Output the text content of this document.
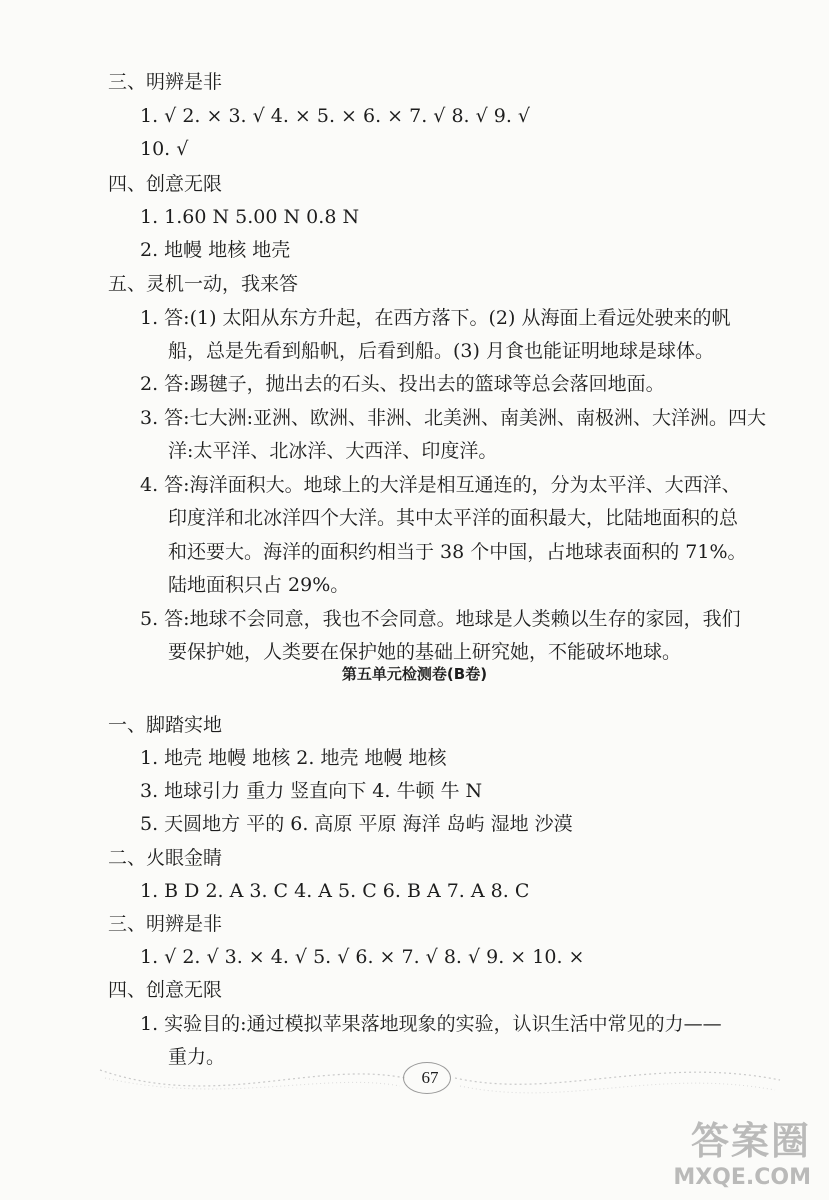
三、明辨是非
1. √ 2. × 3. √ 4. × 5. × 6. × 7. √ 8. √ 9. √
10. √
四、创意无限
1. 1.60 N 5.00 N 0.8 N
2. 地幔 地核 地壳
五、灵机一动，我来答
1. 答:(1) 太阳从东方升起，在西方落下。(2) 从海面上看远处驶来的帆
船，总是先看到船帆，后看到船。(3) 月食也能证明地球是球体。
2. 答:踢毽子，抛出去的石头、投出去的篮球等总会落回地面。
3. 答:七大洲:亚洲、欧洲、非洲、北美洲、南美洲、南极洲、大洋洲。四大
洋:太平洋、北冰洋、大西洋、印度洋。
4. 答:海洋面积大。地球上的大洋是相互通连的，分为太平洋、大西洋、
印度洋和北冰洋四个大洋。其中太平洋的面积最大，比陆地面积的总
和还要大。海洋的面积约相当于 38 个中国，占地球表面积的 71%。
陆地面积只占 29%。
5. 答:地球不会同意，我也不会同意。地球是人类赖以生存的家园，我们
要保护她，人类要在保护她的基础上研究她，不能破坏地球。
第五单元检测卷(B卷)
一、脚踏实地
1. 地壳 地幔 地核 2. 地壳 地幔 地核
3. 地球引力 重力 竖直向下 4. 牛顿 牛 N
5. 天圆地方 平的 6. 高原 平原 海洋 岛屿 湿地 沙漠
二、火眼金睛
1. B D 2. A 3. C 4. A 5. C 6. B A 7. A 8. C
三、明辨是非
1. √ 2. √ 3. × 4. √ 5. √ 6. × 7. √ 8. √ 9. × 10. ×
四、创意无限
1. 实验目的:通过模拟苹果落地现象的实验，认识生活中常见的力——
重力。
67
答案圈
MXQE.COM
